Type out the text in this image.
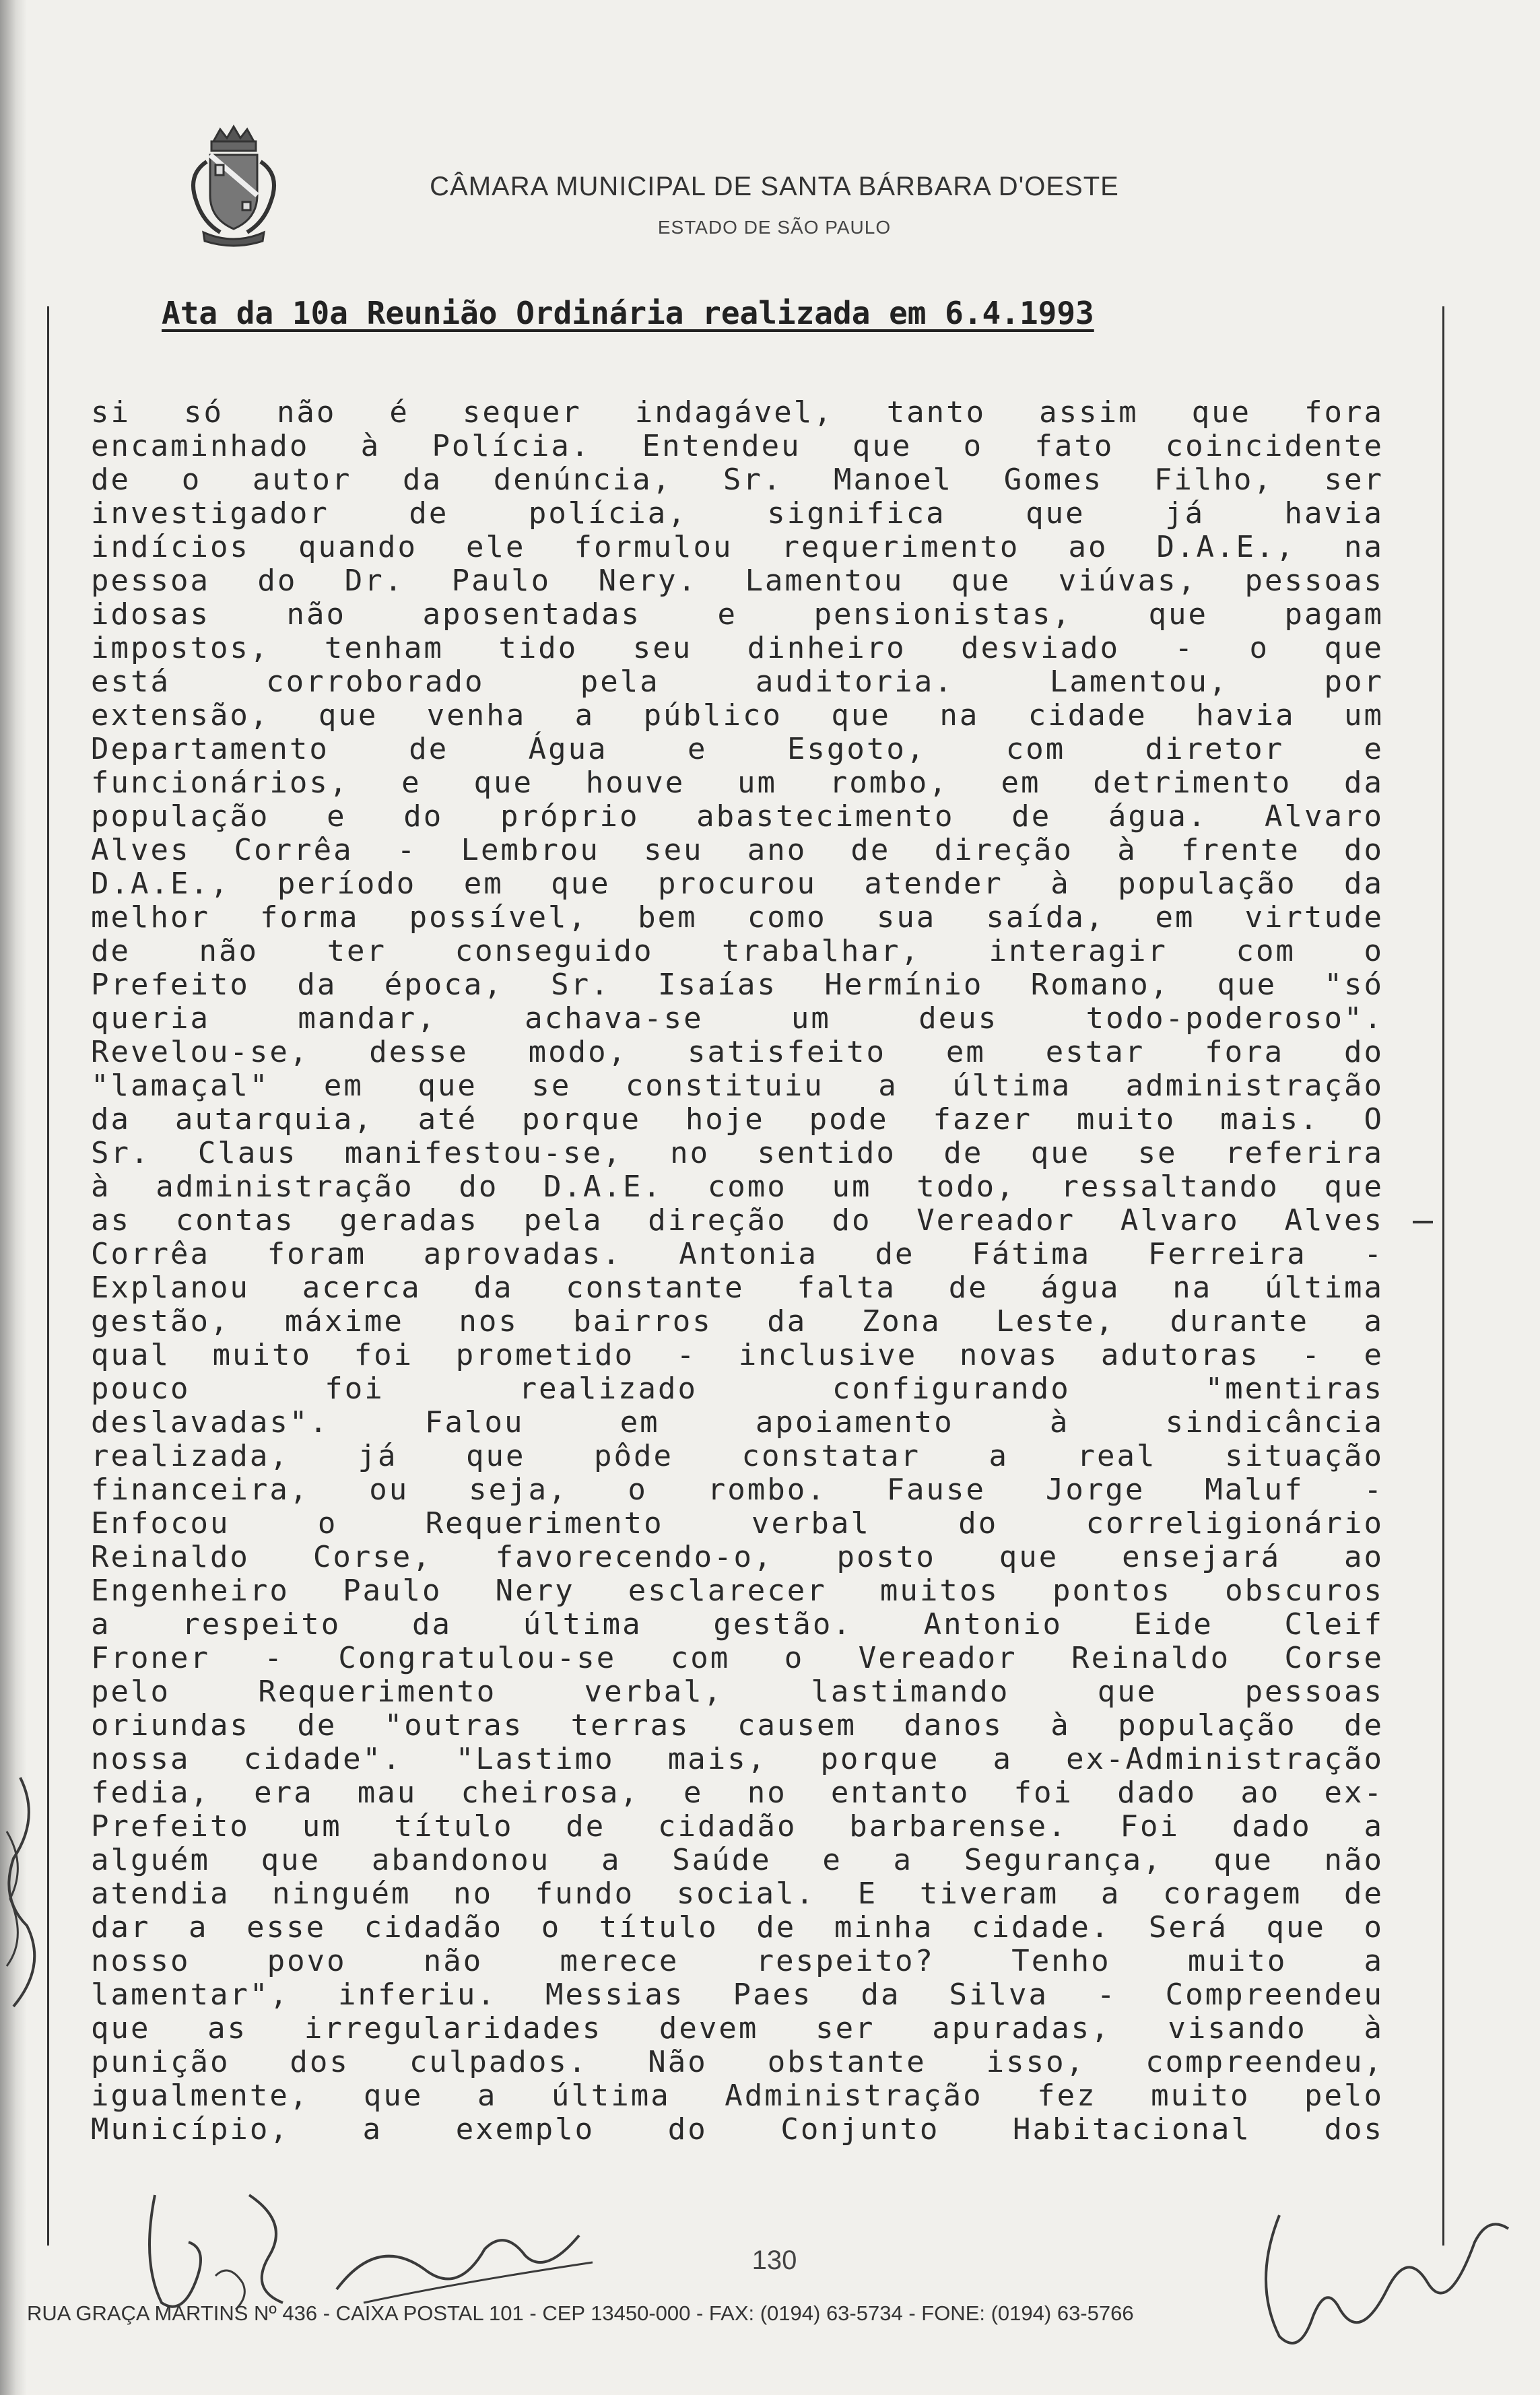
CÂMARA MUNICIPAL DE SANTA BÁRBARA D'OESTE
ESTADO DE SÃO PAULO
Ata da 10a Reunião Ordinária realizada em 6.4.1993
si só não é sequer indagável, tanto assim que fora
encaminhado à Polícia. Entendeu que o fato coincidente
de o autor da denúncia, Sr. Manoel Gomes Filho, ser
investigador de polícia, significa que já havia
indícios quando ele formulou requerimento ao D.A.E., na
pessoa do Dr. Paulo Nery. Lamentou que viúvas, pessoas
idosas não aposentadas e pensionistas, que pagam
impostos, tenham tido seu dinheiro desviado - o que
está corroborado pela auditoria. Lamentou, por
extensão, que venha a público que na cidade havia um
Departamento de Água e Esgoto, com diretor e
funcionários, e que houve um rombo, em detrimento da
população e do próprio abastecimento de água. Alvaro
Alves Corrêa - Lembrou seu ano de direção à frente do
D.A.E., período em que procurou atender à população da
melhor forma possível, bem como sua saída, em virtude
de não ter conseguido trabalhar, interagir com o
Prefeito da época, Sr. Isaías Hermínio Romano, que "só
queria mandar, achava-se um deus todo-poderoso".
Revelou-se, desse modo, satisfeito em estar fora do
"lamaçal" em que se constituiu a última administração
da autarquia, até porque hoje pode fazer muito mais. O
Sr. Claus manifestou-se, no sentido de que se referira
à administração do D.A.E. como um todo, ressaltando que
as contas geradas pela direção do Vereador Alvaro Alves
Corrêa foram aprovadas. Antonia de Fátima Ferreira -
Explanou acerca da constante falta de água na última
gestão, máxime nos bairros da Zona Leste, durante a
qual muito foi prometido - inclusive novas adutoras - e
pouco foi realizado configurando "mentiras
deslavadas". Falou em apoiamento à sindicância
realizada, já que pôde constatar a real situação
financeira, ou seja, o rombo. Fause Jorge Maluf -
Enfocou o Requerimento verbal do correligionário
Reinaldo Corse, favorecendo-o, posto que ensejará ao
Engenheiro Paulo Nery esclarecer muitos pontos obscuros
a respeito da última gestão. Antonio Eide Cleif
Froner - Congratulou-se com o Vereador Reinaldo Corse
pelo Requerimento verbal, lastimando que pessoas
oriundas de "outras terras causem danos à população de
nossa cidade". "Lastimo mais, porque a ex-Administração
fedia, era mau cheirosa, e no entanto foi dado ao ex-
Prefeito um título de cidadão barbarense. Foi dado a
alguém que abandonou a Saúde e a Segurança, que não
atendia ninguém no fundo social. E tiveram a coragem de
dar a esse cidadão o título de minha cidade. Será que o
nosso povo não merece respeito? Tenho muito a
lamentar", inferiu. Messias Paes da Silva - Compreendeu
que as irregularidades devem ser apuradas, visando à
punição dos culpados. Não obstante isso, compreendeu,
igualmente, que a última Administração fez muito pelo
Município, a exemplo do Conjunto Habitacional dos
130
RUA GRAÇA MARTINS Nº 436 - CAIXA POSTAL 101 - CEP 13450-000 - FAX: (0194) 63-5734 - FONE: (0194) 63-5766
